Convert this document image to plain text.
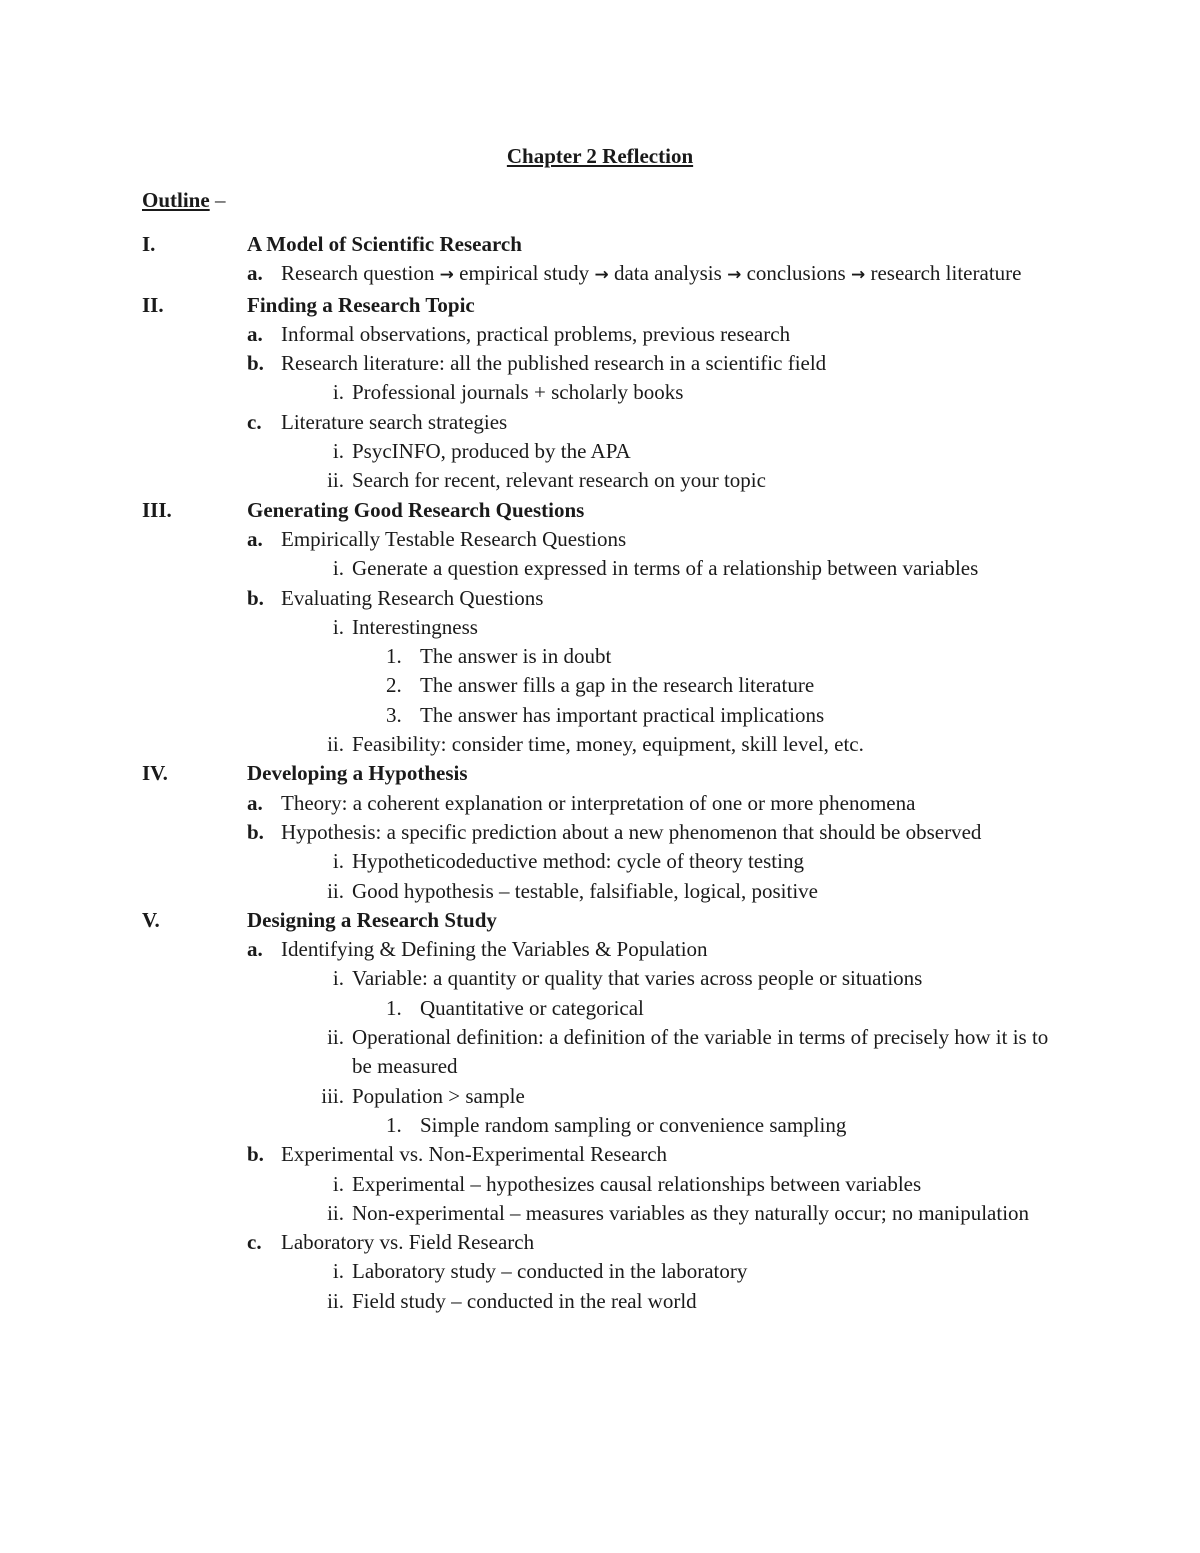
Chapter 2 Reflection
Outline –
I.	A Model of Scientific Research
a. Research question → empirical study → data analysis → conclusions → research literature
II.	Finding a Research Topic
a. Informal observations, practical problems, previous research
b. Research literature: all the published research in a scientific field
i. Professional journals + scholarly books
c. Literature search strategies
i. PsycINFO, produced by the APA
ii. Search for recent, relevant research on your topic
III.	Generating Good Research Questions
a. Empirically Testable Research Questions
i. Generate a question expressed in terms of a relationship between variables
b. Evaluating Research Questions
i. Interestingness
1. The answer is in doubt
2. The answer fills a gap in the research literature
3. The answer has important practical implications
ii. Feasibility: consider time, money, equipment, skill level, etc.
IV.	Developing a Hypothesis
a. Theory: a coherent explanation or interpretation of one or more phenomena
b. Hypothesis: a specific prediction about a new phenomenon that should be observed
i. Hypotheticodeductive method: cycle of theory testing
ii. Good hypothesis – testable, falsifiable, logical, positive
V.	Designing a Research Study
a. Identifying & Defining the Variables & Population
i. Variable: a quantity or quality that varies across people or situations
1. Quantitative or categorical
ii. Operational definition: a definition of the variable in terms of precisely how it is to be measured
iii. Population > sample
1. Simple random sampling or convenience sampling
b. Experimental vs. Non-Experimental Research
i. Experimental – hypothesizes causal relationships between variables
ii. Non-experimental – measures variables as they naturally occur; no manipulation
c. Laboratory vs. Field Research
i. Laboratory study – conducted in the laboratory
ii. Field study – conducted in the real world
